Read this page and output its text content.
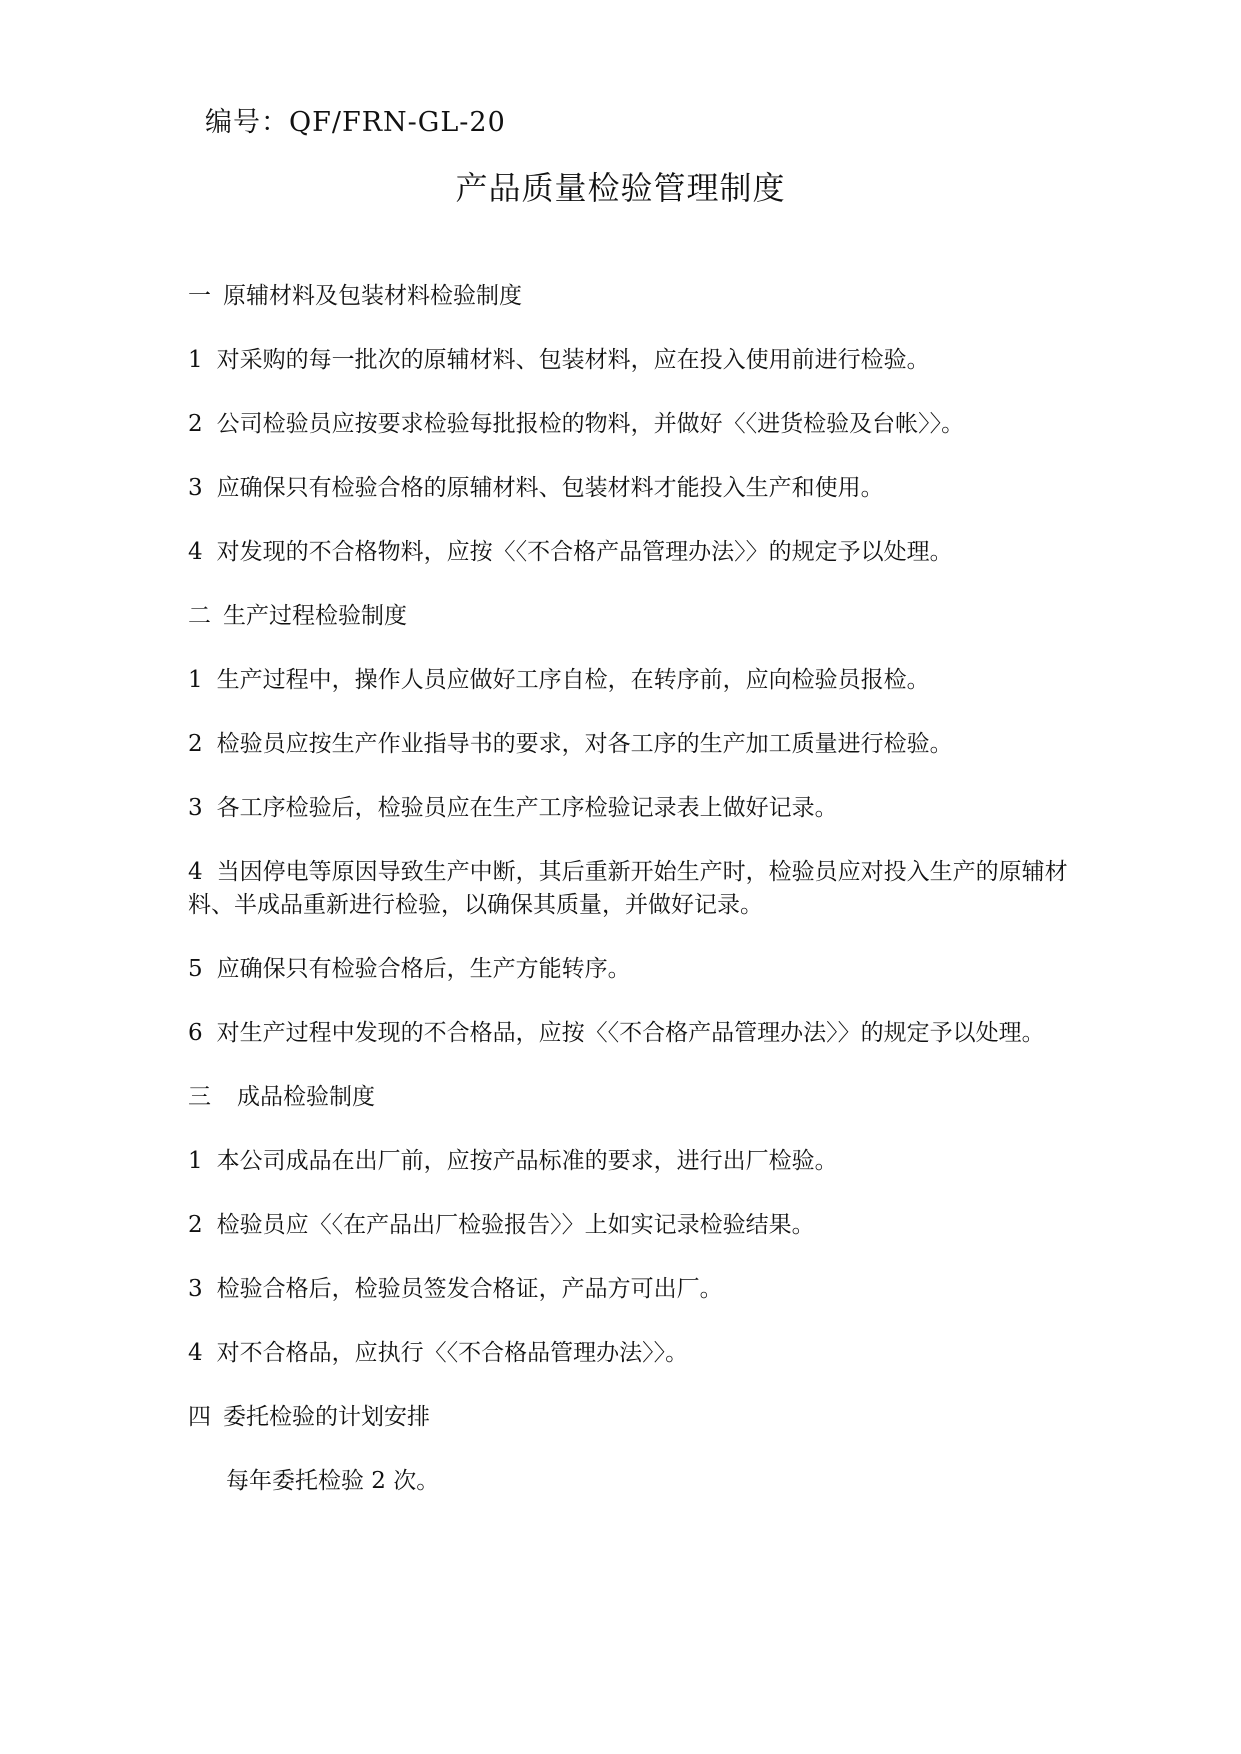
编号：QF/FRN-GL-20
产品质量检验管理制度

一 原辅材料及包装材料检验制度

1 对采购的每一批次的原辅材料、包装材料，应在投入使用前进行检验。

2 公司检验员应按要求检验每批报检的物料，并做好〈〈进货检验及台帐〉〉。

3 应确保只有检验合格的原辅材料、包装材料才能投入生产和使用。

4 对发现的不合格物料，应按〈〈不合格产品管理办法〉〉的规定予以处理。

二 生产过程检验制度

1 生产过程中，操作人员应做好工序自检，在转序前，应向检验员报检。

2 检验员应按生产作业指导书的要求，对各工序的生产加工质量进行检验。

3 各工序检验后，检验员应在生产工序检验记录表上做好记录。

4 当因停电等原因导致生产中断，其后重新开始生产时，检验员应对投入生产的原辅材料、半成品重新进行检验，以确保其质量，并做好记录。

5 应确保只有检验合格后，生产方能转序。

6 对生产过程中发现的不合格品，应按〈〈不合格产品管理办法〉〉的规定予以处理。

三 成品检验制度

1 本公司成品在出厂前，应按产品标准的要求，进行出厂检验。

2 检验员应〈〈在产品出厂检验报告〉〉上如实记录检验结果。

3 检验合格后，检验员签发合格证，产品方可出厂。

4 对不合格品，应执行〈〈不合格品管理办法〉〉。

四 委托检验的计划安排

每年委托检验 2 次。
